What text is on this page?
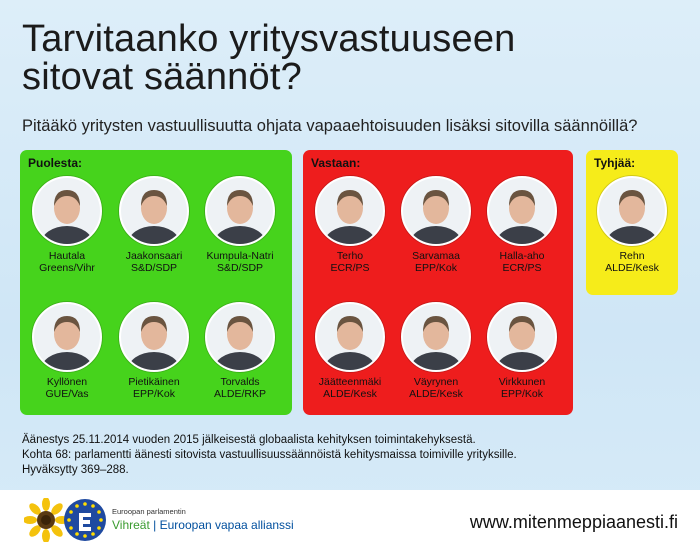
Tarvitaanko yritysvastuuseen
sitovat säännöt?
Pitääkö yritysten vastuullisuutta ohjata vapaaehtoisuuden lisäksi sitovilla säännöillä?
Puolesta:
Hautala
Greens/Vihr
Jaakonsaari
S&D/SDP
Kumpula-Natri
S&D/SDP
Kyllönen
GUE/Vas
Pietikäinen
EPP/Kok
Torvalds
ALDE/RKP
Vastaan:
Terho
ECR/PS
Sarvamaa
EPP/Kok
Halla-aho
ECR/PS
Jäätteenmäki
ALDE/Kesk
Väyrynen
ALDE/Kesk
Virkkunen
EPP/Kok
Tyhjää:
Rehn
ALDE/Kesk
Äänestys 25.11.2014 vuoden 2015 jälkeisestä globaalista kehityksen toimintakehyksestä.
Kohta 68: parlamentti äänesti sitovista vastuullisuussäännöistä kehitysmaissa toimiville yrityksille.
Hyväksytty 369–288.
Euroopan parlamentin
Vihreät | Euroopan vapaa allianssi	www.mitenmeppiaanesti.fi
